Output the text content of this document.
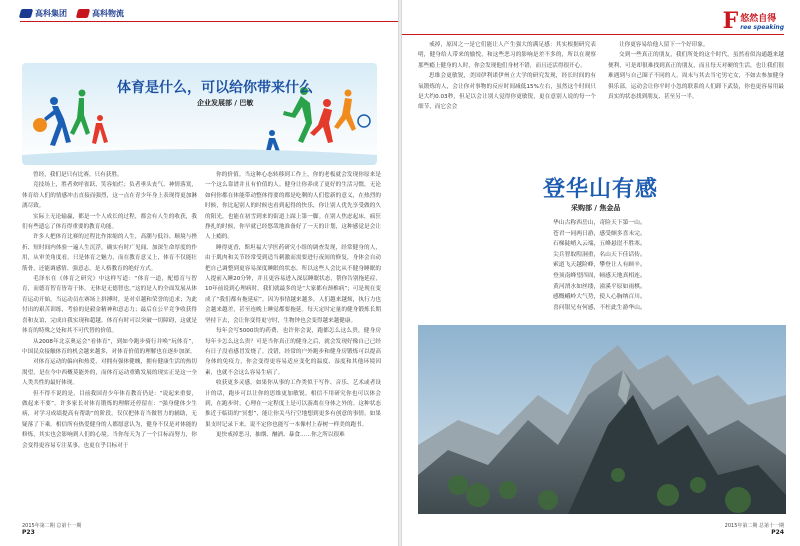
高科集团	高科物流
体育是什么，可以给你带来什么
企业发展部 / 巴敏

曾经，我们是只有比赛，只有获胜。

竞技场上，胜者欢呼雀跃、笑容灿烂；负者垂头丧气、神情落寞，体育给人们的情感冲击直接而强烈，这一点在青少年身上表现得更加淋漓尽致。

实际上无论输赢，都是一个人成长的过程，都会有人生的收获，我们有些遗忘了体育得重要的教育功能。

许多人把体育比赛的过程比作浓缩的人生，高潮与低谷、顺境与挫折、短时间内体验一遍人生沉浮，确实有时广见闻、加深生命厚度的作用，从审美角度看，只是体育之魅力，而在教育意义上，体育不仅能壮筋骨，还能调感情、强意志，是人格教育的绝好方式。

毛泽东在《体育之研究》中这样写道：“体育一道，配德育与智育，而德育智育皆寄于体。无体是无德智也。”这的是人的全面发展从体育运动开始。当运动员在赛场上拼搏时，是对卓越和荣誉的追求；为此付出的艰苦训练，考验的是毅金精神和意志力；最后在公平竞争收获得喜和友谊，完成自我实现和超越。体育有时可以突破一切障碍，这就是体育的特殊之处和其不可代替的价值。

从2008年北京奥运会“看体育”，到如今跑步骑行并唤“玩体育”，中国民众接触体育的机会越来越多，对体育价值的理解也在逐步加深。

对体育运动的偏向和热爱，对拥有强体健魄，拥有健康生活的热切渴望，是在今中西概莫能外的，而体育运动重勤发展的现实正是这一全人类共性的最好体现。

但不得不说的是，目前我国青少年体育教育仍是：“说起来重要，做起来不要”。许多家长对体育锻炼的理解还停留在：“强身健体少生病，对学习成绩提高有帮助”的阶段，仅仅把体育当做智力的辅助，无疑落了下乘。相信所有热爱健身的人都愿意认为，健身不仅是对体能的修炼，其实也会影响到人们的心境。当你每天为了一个目标而努力，你会变得更容易专注某事，也更在乎目标对于

你的价值。当这种心态转移到工作上，你的老板就会发现你原来是一个这么靠谱并且有价值的人。健身让你养成了更好的生活习惯，无论如何你都在体能带动整体得要的都是吃剩的人们偿新的意义，在热烈的时候，你比起别人的时候也看到起得的快乐，你让别人优先享受做的久的阳光，也能在初雪到来的街道上踩上第一脚。在别人焦虑起床，疯狂挣扎的时候，你早就已经悠哉地准备好了一天的计划，这种感觉是会让人上瘾的。

睡得更香，斯坦福大学医药研究小组的调查发现，经常健身的人，由于肌肉和关节经常受到适当刺激而需要进行夜间的修复，身体会自动把自己调整到更容易深度睡眠的状态。所以这些人会比从不健身睡眠的人提前入睡20分钟，并且更容易进入深层睡眠状态，帮你告别拖延症，10年前说到心理病时，我们就最多的是“大家都有颈椎病”；可是现在变成了“我们都有拖延症”。因为事情越来越多，人们越来越烦，执行力也会越来越差，甚至连晚上睡觉都要拖延。每天定时定量的健身锻炼长期坚持下去，会让你变得更守时，生物钟也会变得越来越健康。

每年会写5000块的药费，也许你会说，跑都怎么这么贵，健身房每年卡怎么这么贵？可是当你真正的健身之后，就会发现好像自己已经有日子没看感冒发烧了。没错，经常的户外跑步和健身房锻炼可以提高身体的免疫力，你会变得更容易适应变化的温度、湿度和其他环境因素，也就不会这么容易生病了。

收获更多灵感，如果你从事的工作类似于写作、音乐、艺术或者设计的话，跑步可以让你的思维更加敏锐。相信不用研究你也可以体会到，在跑步时，心理在一定程度上是可以游离在身体之外的。这种状态推近于临街的“冥想”，能让你关马行空地想到更多有创意的事情。如果果支时记录下来，说不定你也能写一本像村上春树一样美的跑书。

更快戒掉恶习，抽烟、酗酒、暴食……你之所以很难

2015年第二期 总第十一期
P23
F 悠然自得
ree speaking

戒掉，原因之一是它们能让人产生强大的满足感：其实根据研究表明，健身给人带来的愉悦，和这些恶习的影响是差不多的，所以在观察那些瘾上健身的人时，你会发现他们身材不错，而且还活得很开心。

思维会更敏锐，美国伊利诺伊州立大学的研究发现，经长时间的有氧锻炼的人，会让你对事物的反应时间减低15%左右，虽然这个时间只是大约0.03秒，但足以会让别人觉得你更敏锐，更在意别人说的每一个细节，而它会会

让你更容易给他人留下一个好印象。

交到一些真正的朋友，我们所处的这个时代，虽然看似沟通越来越便利，可是却很难找到真正的朋友，而且每天对硬的生活，也让我们很难遇到与自己圈子不同的人。周末与其去当宅男宅女，不如去参加健身俱乐部，运动会让你平时小忽的联系的人们卸下武装，你也更容易用最真实的状态找到朋友、甚至另一半。

2015年第二期 总第十一期
P24
登华山有感
采购部 / 焦金品
华山古称西岳山，奇险天下第一山。
苍君一同两日游，感受颇多喜未完。
石梯陡峭入云端，五峰悬崖不胜寒。
尖兵智取隍洞重，名山天下佳话传。
索道飞天越险峰，攀登让人有顾辛。
登顶南峰望四周，顿感天地真相连。
黄河渭水如丝缕，潼溪平原如雨棋。
感慨峨岭大气势，使人心胸纳百川。
喜问银兄有何感，不枉此生游华山。
